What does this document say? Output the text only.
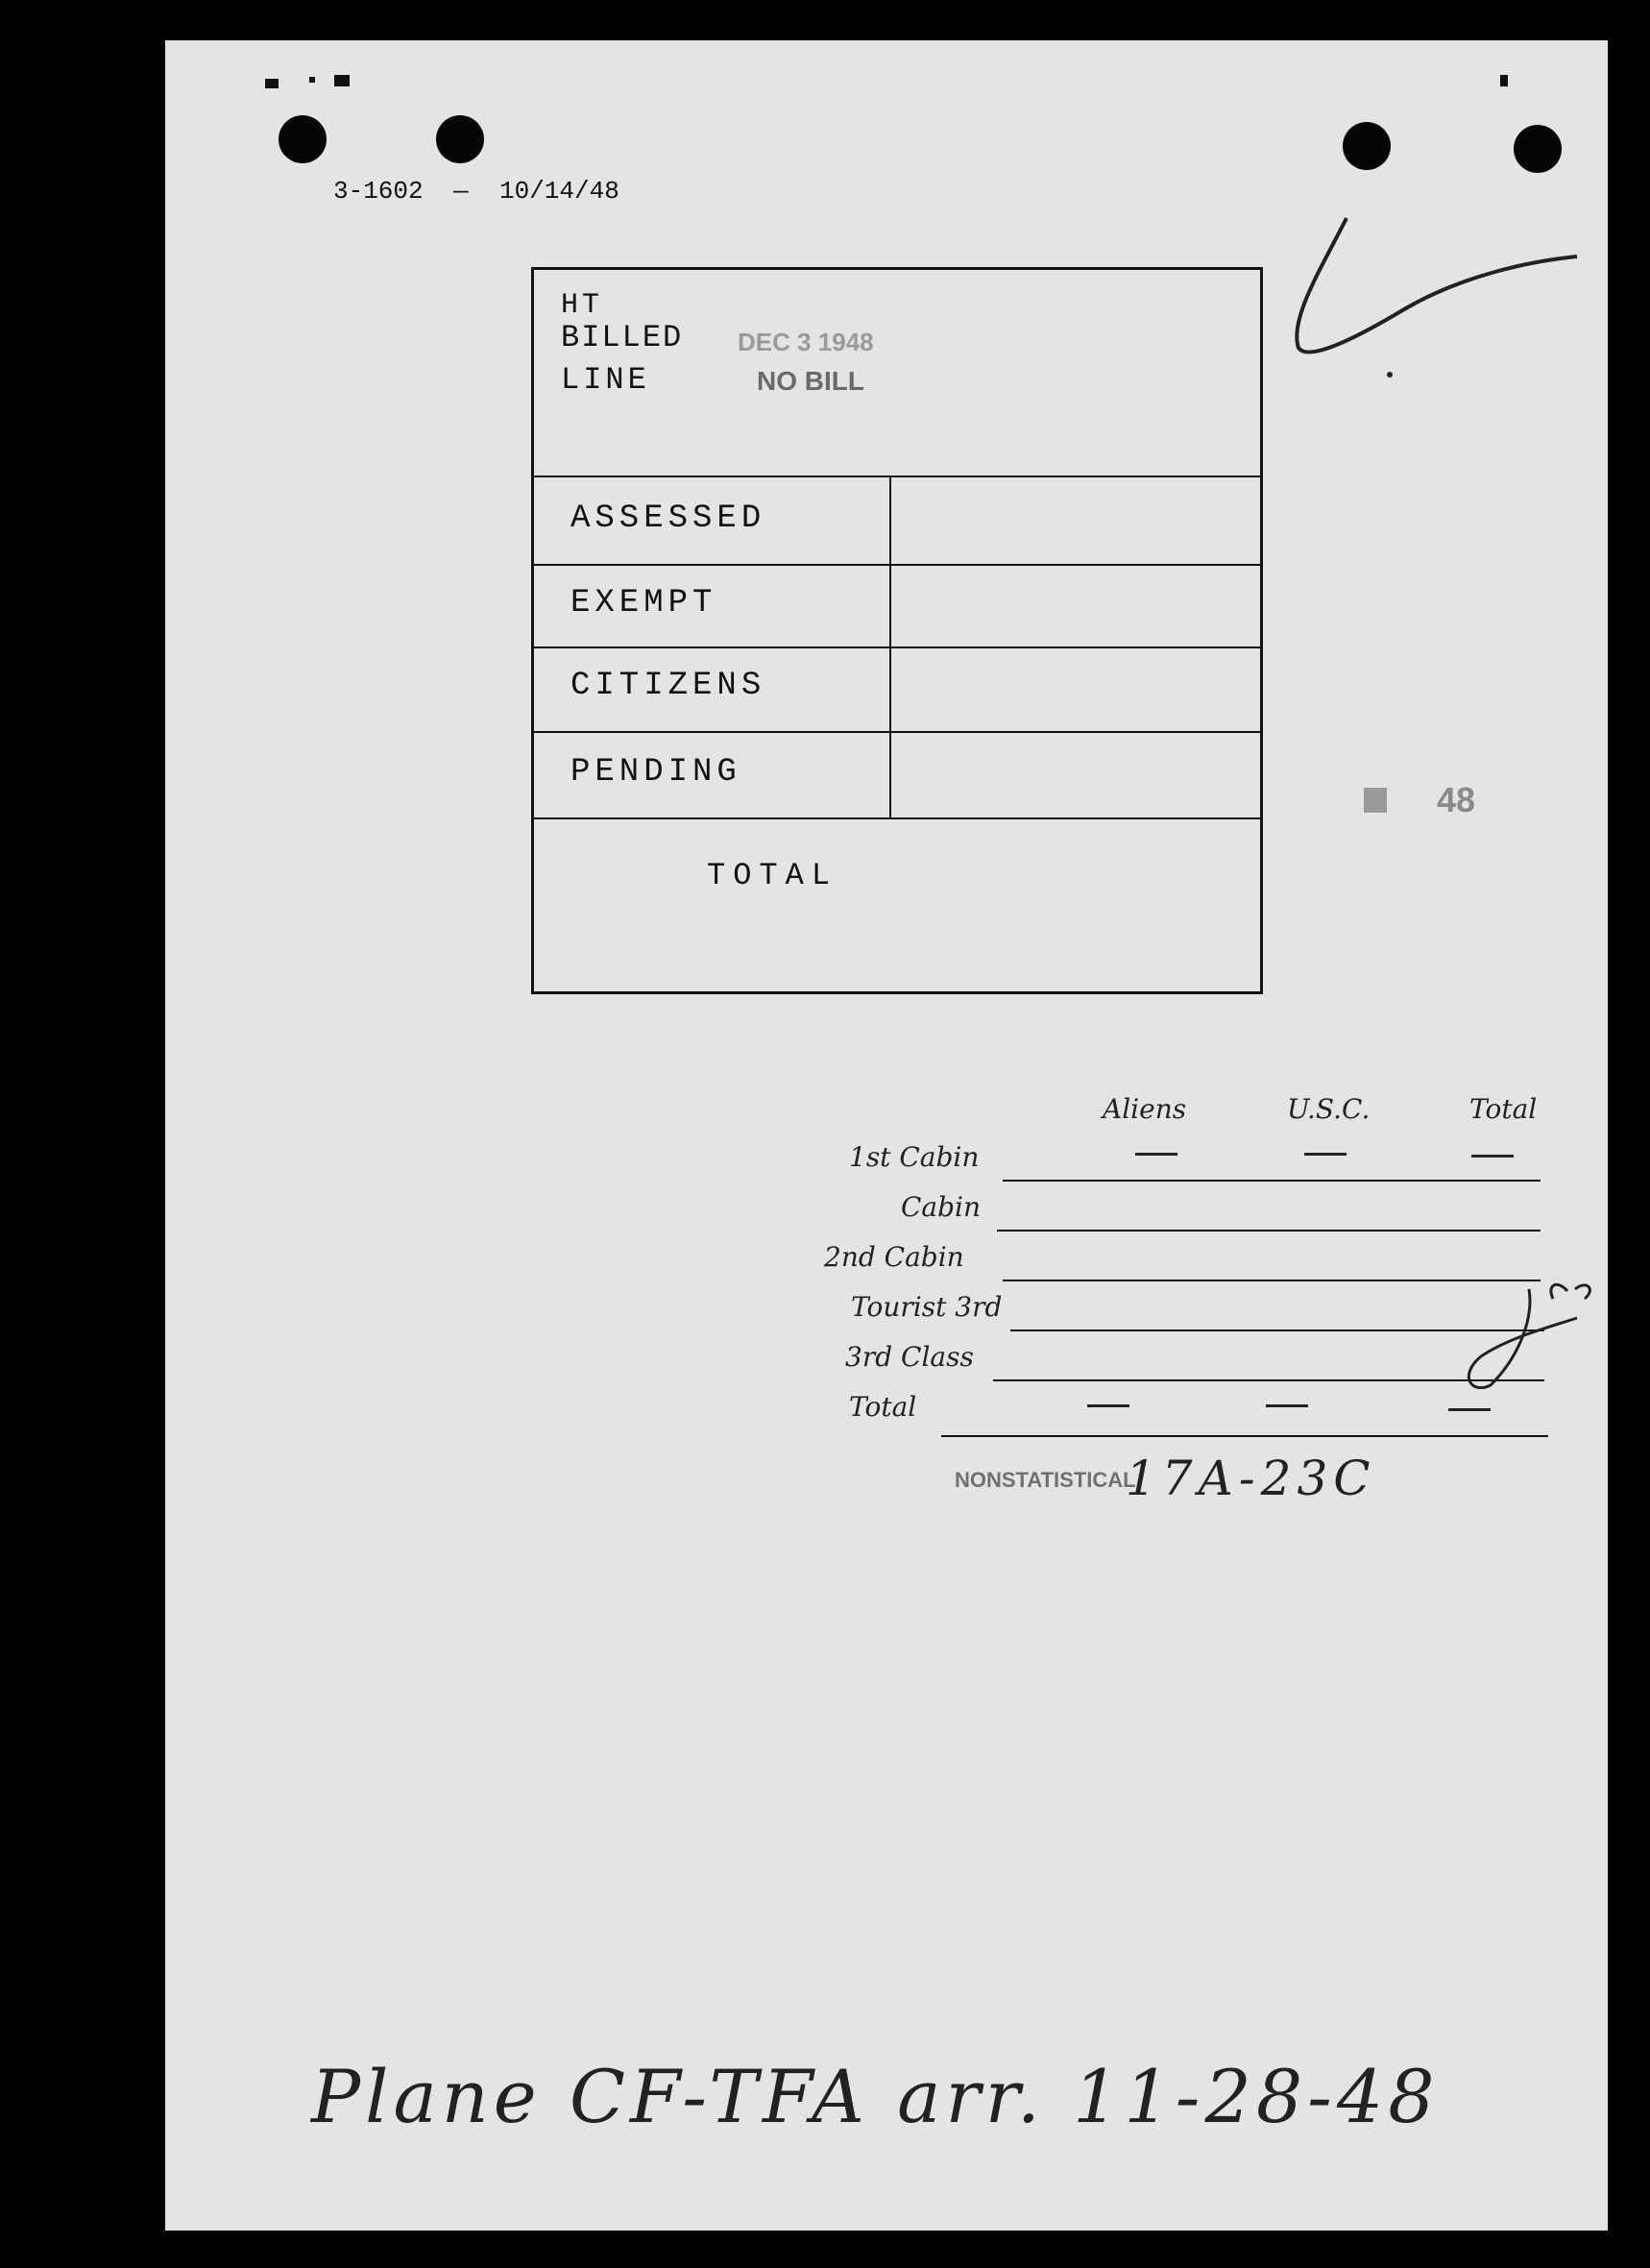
3-1602 — 10/14/48
HT
BILLED
LINE
DEC 3 1948
NO BILL
ASSESSED
EXEMPT
CITIZENS
PENDING
TOTAL
48
Aliens	U.S.C.	Total
1st Cabin
Cabin
2nd Cabin
Tourist 3rd
3rd Class
Total
NONSTATISTICAL
17A-23C
Plane CF-TFA arr. 11-28-48
